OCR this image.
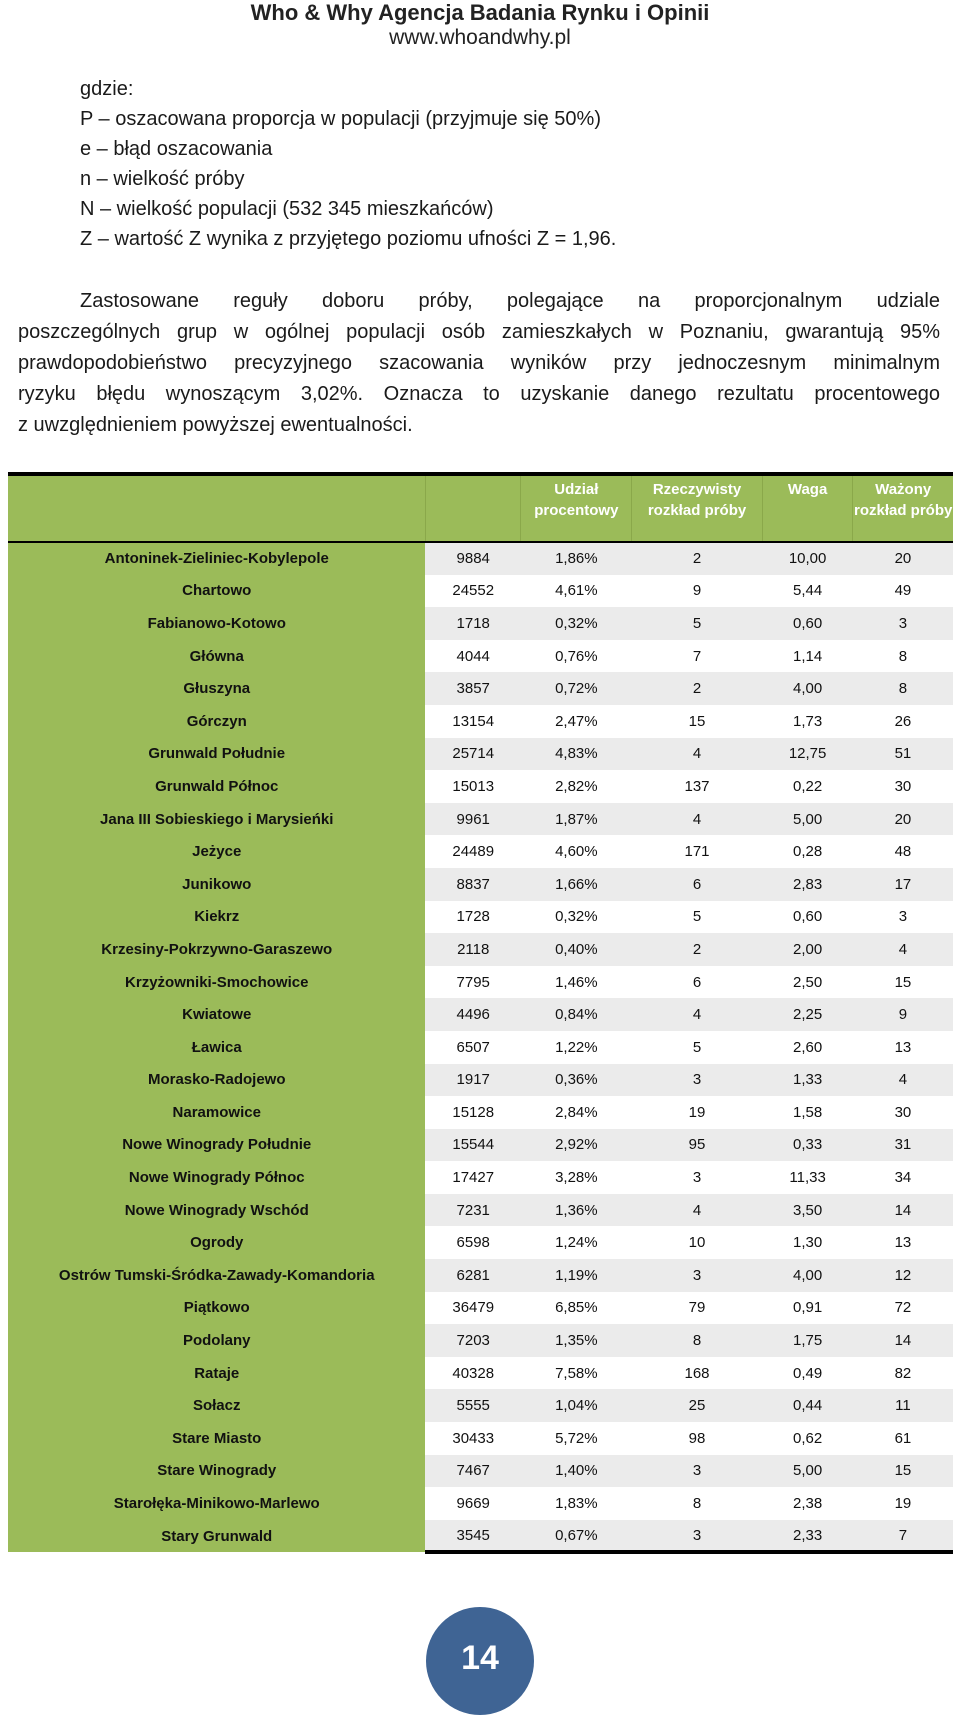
Who & Why Agencja Badania Rynku i Opinii
www.whoandwhy.pl
gdzie:
P – oszacowana proporcja w populacji (przyjmuje się 50%)
e – błąd oszacowania
n – wielkość próby
N – wielkość populacji (532 345 mieszkańców)
Z – wartość Z wynika z przyjętego poziomu ufności Z = 1,96.
Zastosowane reguły doboru próby, polegające na proporcjonalnym udziale
poszczególnych grup w ogólnej populacji osób zamieszkałych w Poznaniu, gwarantują 95%
prawdopodobieństwo precyzyjnego szacowania wyników przy jednoczesnym minimalnym
ryzyku błędu wynoszącym 3,02%. Oznacza to uzyskanie danego rezultatu procentowego
z uwzględnieniem powyższej ewentualności.
		Udział procentowy	Rzeczywisty rozkład próby	Waga	Ważony rozkład próby
Antoninek-Zieliniec-Kobylepole	9884	1,86%	2	10,00	20
Chartowo	24552	4,61%	9	5,44	49
Fabianowo-Kotowo	1718	0,32%	5	0,60	3
Główna	4044	0,76%	7	1,14	8
Głuszyna	3857	0,72%	2	4,00	8
Górczyn	13154	2,47%	15	1,73	26
Grunwald Południe	25714	4,83%	4	12,75	51
Grunwald Północ	15013	2,82%	137	0,22	30
Jana III Sobieskiego i Marysieńki	9961	1,87%	4	5,00	20
Jeżyce	24489	4,60%	171	0,28	48
Junikowo	8837	1,66%	6	2,83	17
Kiekrz	1728	0,32%	5	0,60	3
Krzesiny-Pokrzywno-Garaszewo	2118	0,40%	2	2,00	4
Krzyżowniki-Smochowice	7795	1,46%	6	2,50	15
Kwiatowe	4496	0,84%	4	2,25	9
Ławica	6507	1,22%	5	2,60	13
Morasko-Radojewo	1917	0,36%	3	1,33	4
Naramowice	15128	2,84%	19	1,58	30
Nowe Winogrady Południe	15544	2,92%	95	0,33	31
Nowe Winogrady Północ	17427	3,28%	3	11,33	34
Nowe Winogrady Wschód	7231	1,36%	4	3,50	14
Ogrody	6598	1,24%	10	1,30	13
Ostrów Tumski-Śródka-Zawady-Komandoria	6281	1,19%	3	4,00	12
Piątkowo	36479	6,85%	79	0,91	72
Podolany	7203	1,35%	8	1,75	14
Rataje	40328	7,58%	168	0,49	82
Sołacz	5555	1,04%	25	0,44	11
Stare Miasto	30433	5,72%	98	0,62	61
Stare Winogrady	7467	1,40%	3	5,00	15
Starołęka-Minikowo-Marlewo	9669	1,83%	8	2,38	19
Stary Grunwald	3545	0,67%	3	2,33	7
14
